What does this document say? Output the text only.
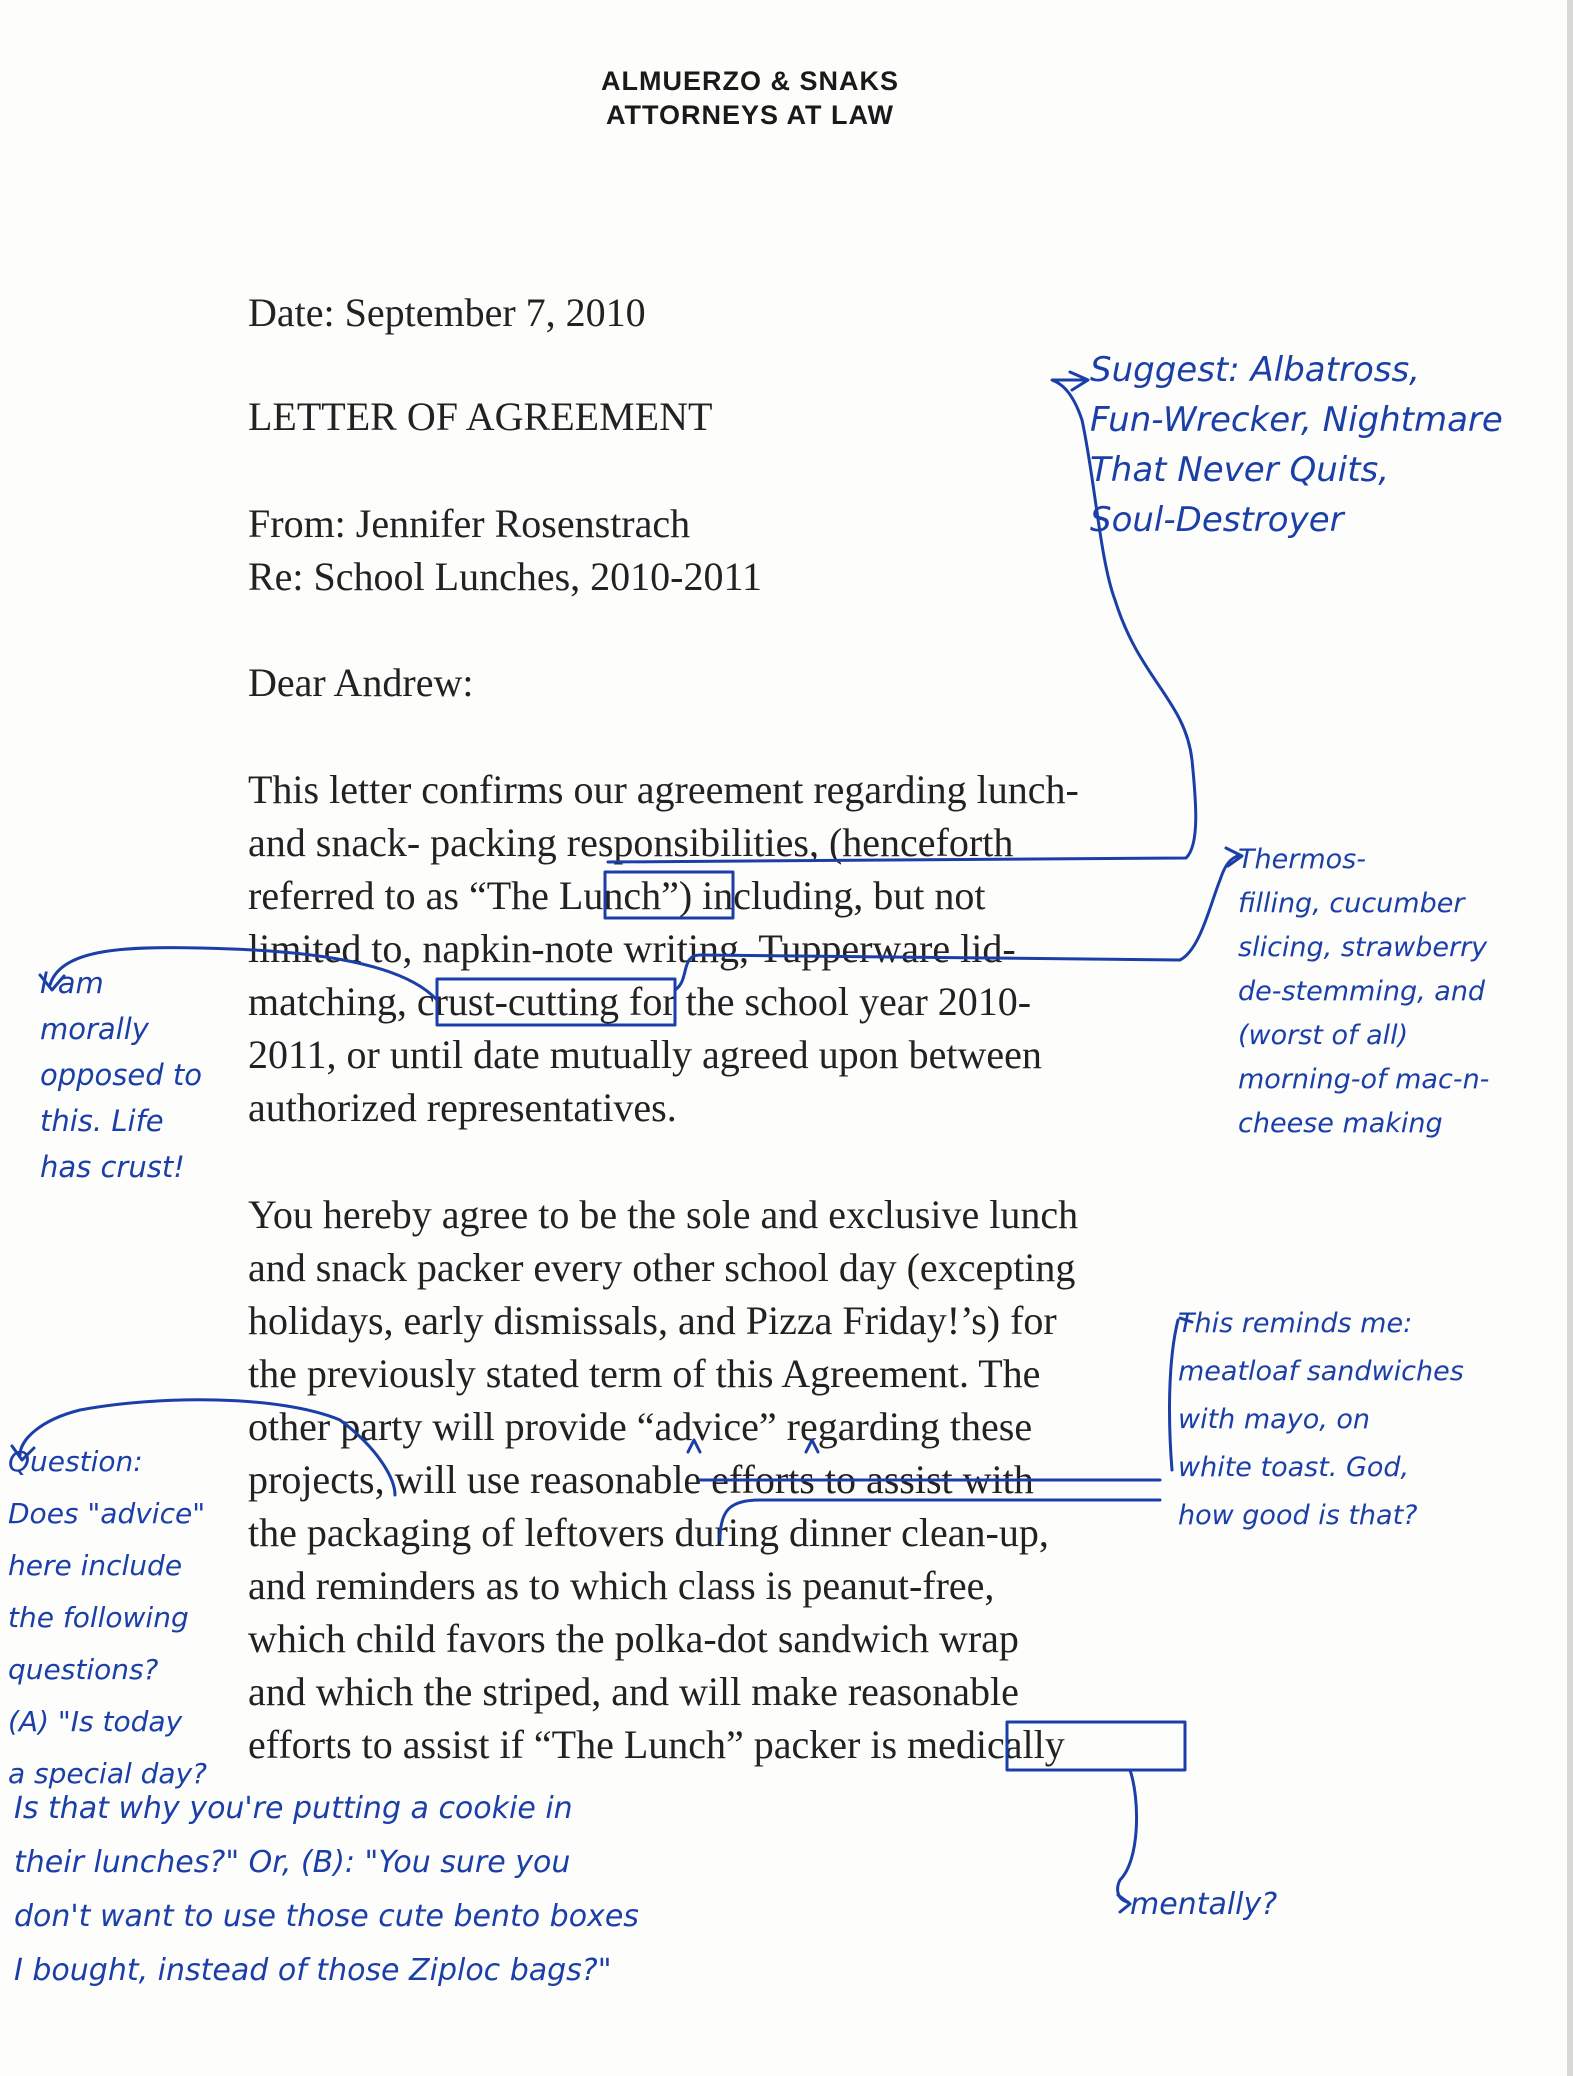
ALMUERZO & SNAKS
ATTORNEYS AT LAW
Date: September 7, 2010
LETTER OF AGREEMENT
From: Jennifer Rosenstrach
Re: School Lunches, 2010-2011
Dear Andrew:
This letter confirms our agreement regarding lunch-
and snack- packing responsibilities, (henceforth
referred to as “The Lunch”) including, but not
limited to, napkin-note writing, Tupperware lid-
matching, crust-cutting for the school year 2010-
2011, or until date mutually agreed upon between
authorized representatives.
You hereby agree to be the sole and exclusive lunch
and snack packer every other school day (excepting
holidays, early dismissals, and Pizza Friday!’s) for
the previously stated term of this Agreement. The
other party will provide “advice” regarding these
projects, will use reasonable efforts to assist with
the packaging of leftovers during dinner clean-up,
and reminders as to which class is peanut-free,
which child favors the polka-dot sandwich wrap
and which the striped, and will make reasonable
efforts to assist if “The Lunch” packer is medically
Suggest: Albatross,
Fun-Wrecker, Nightmare
That Never Quits,
Soul-Destroyer
Thermos-
filling, cucumber
slicing, strawberry
de-stemming, and
(worst of all)
morning-of mac-n-
cheese making
I am
morally
opposed to
this. Life
has crust!
This reminds me:
meatloaf sandwiches
with mayo, on
white toast. God,
how good is that?
Question:
Does "advice"
here include
the following
questions?
(A) "Is today
a special day?
Is that why you're putting a cookie in
their lunches?" Or, (B): "You sure you
don't want to use those cute bento boxes
I bought, instead of those Ziploc bags?"
mentally?
